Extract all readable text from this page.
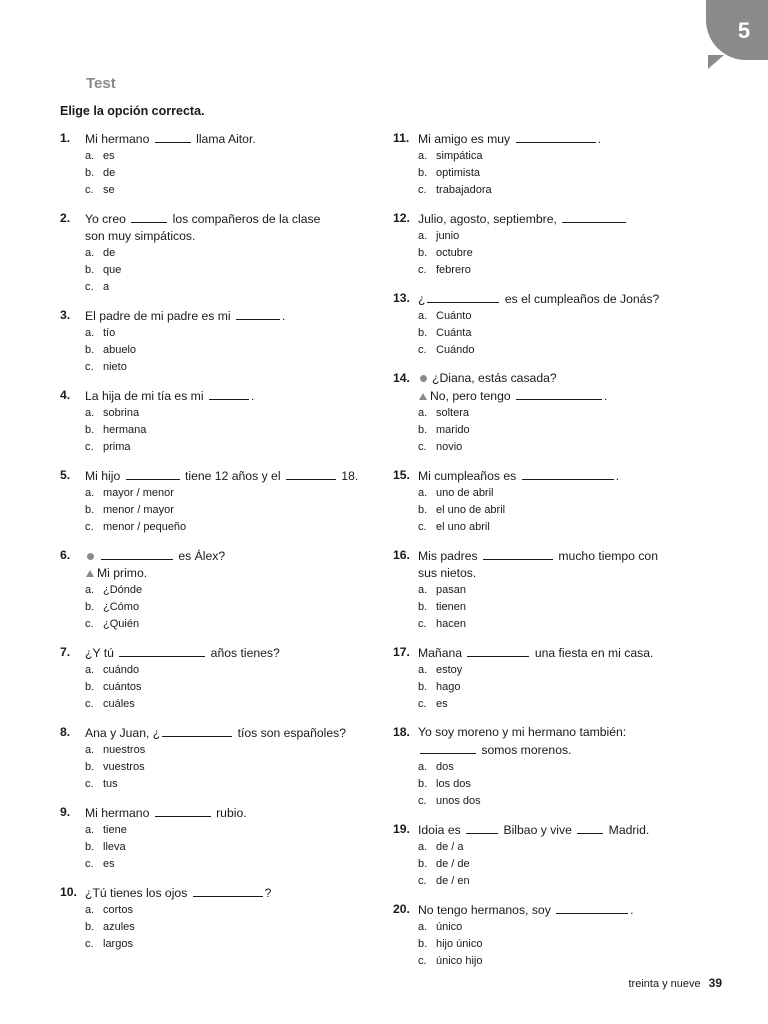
5
Test
Elige la opción correcta.
1. Mi hermano	llama Aitor.
a. es
b. de
c. se
2. Yo creo	los compañeros de la clase
son muy simpáticos.
a. de
b. que
c. a
3. El padre de mi padre es mi	.
a. tío
b. abuelo
c. nieto
4. La hija de mi tía es mi	.
a. sobrina
b. hermana
c. prima
5. Mi hijo	tiene 12 años y el	18.
a. mayor / menor
b. menor / mayor
c. menor / pequeño
6.	es Álex?
Mi primo.
a. ¿Dónde
b. ¿Cómo
c. ¿Quién
7. ¿Y tú	años tienes?
a. cuándo
b. cuántos
c. cuáles
8. Ana y Juan, ¿	tíos son españoles?
a. nuestros
b. vuestros
c. tus
9. Mi hermano	rubio.
a. tiene
b. lleva
c. es
10. ¿Tú tienes los ojos	?
a. cortos
b. azules
c. largos
11. Mi amigo es muy	.
a. simpática
b. optimista
c. trabajadora
12. Julio, agosto, septiembre,
a. junio
b. octubre
c. febrero
13. ¿	es el cumpleaños de Jonás?
a. Cuánto
b. Cuánta
c. Cuándo
14. ¿Diana, estás casada?
No, pero tengo	.
a. soltera
b. marido
c. novio
15. Mi cumpleaños es	.
a. uno de abril
b. el uno de abril
c. el uno abril
16. Mis padres	mucho tiempo con
sus nietos.
a. pasan
b. tienen
c. hacen
17. Mañana	una fiesta en mi casa.
a. estoy
b. hago
c. es
18. Yo soy moreno y mi hermano también:
somos morenos.
a. dos
b. los dos
c. unos dos
19. Idoia es	Bilbao y vive  Madrid.
a. de / a
b. de / de
c. de / en
20. No tengo hermanos, soy	.
a. único
b. hijo único
c. único hijo
treinta y nueve 39
